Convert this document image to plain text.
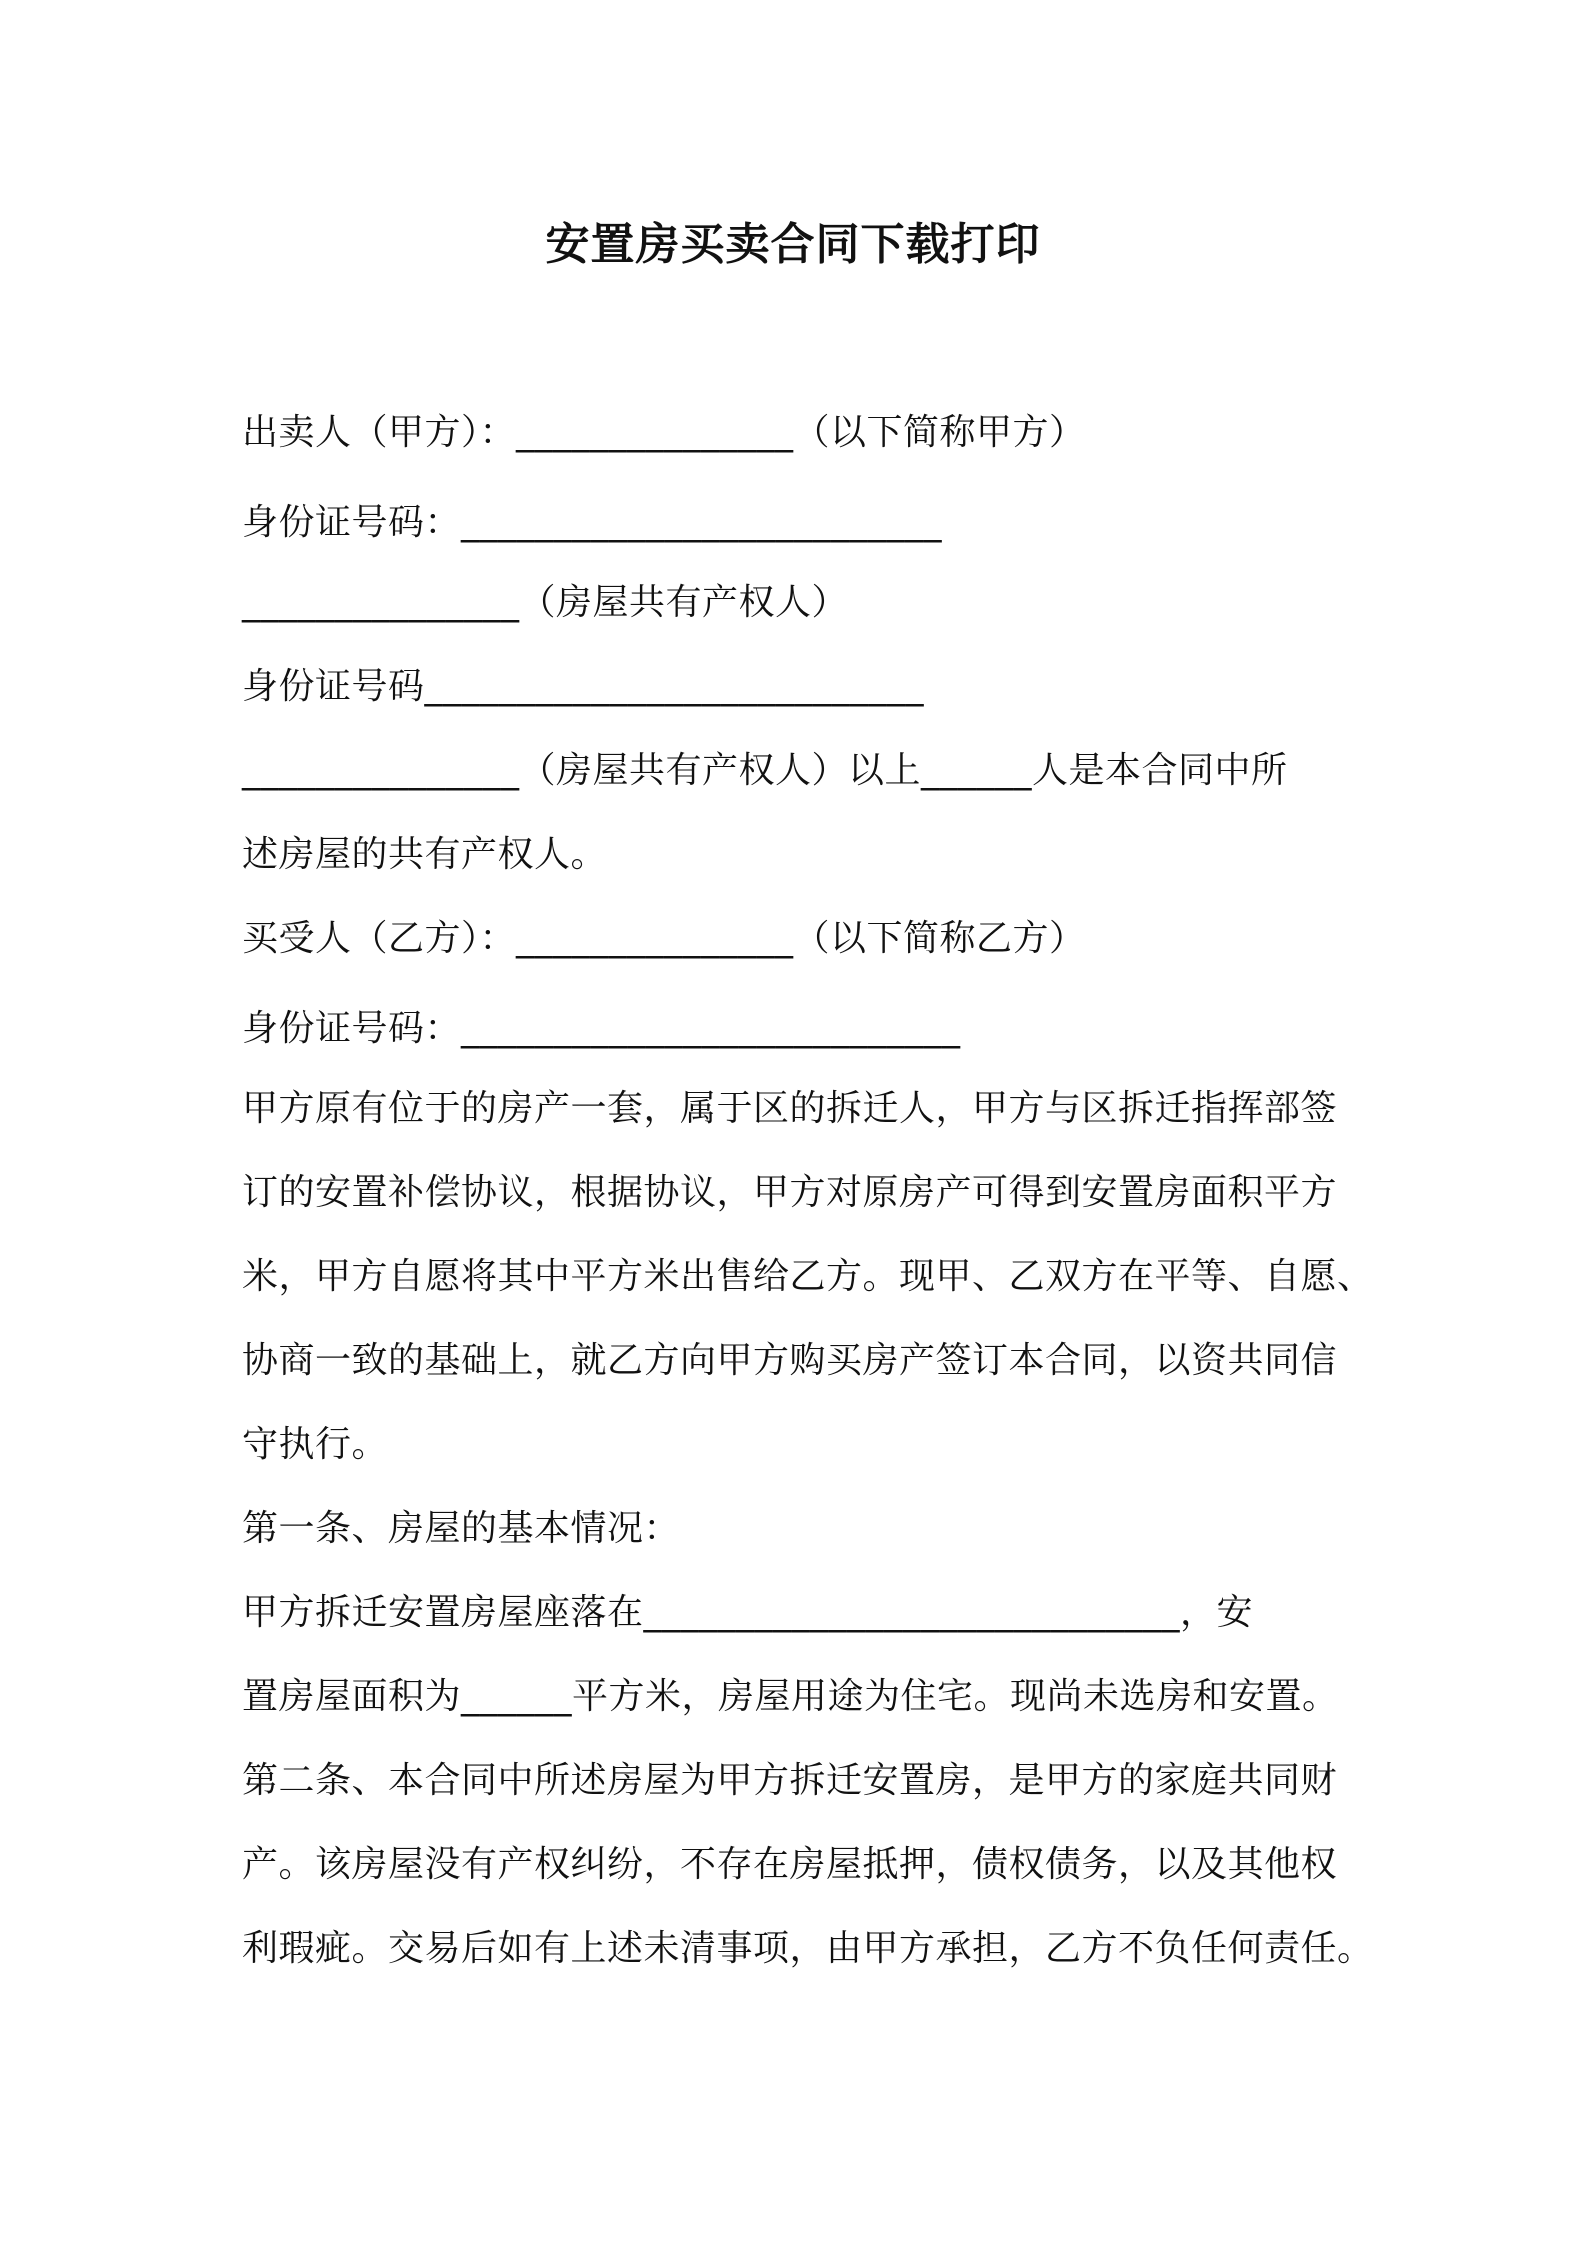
安置房买卖合同下载打印
出卖人（甲方）：_______________（以下简称甲方）
身份证号码：__________________________
_______________（房屋共有产权人）
身份证号码___________________________
_______________（房屋共有产权人）以上______人是本合同中所
述房屋的共有产权人。
买受人（乙方）：_______________（以下简称乙方）
身份证号码：___________________________
甲方原有位于的房产一套，属于区的拆迁人，甲方与区拆迁指挥部签
订的安置补偿协议，根据协议，甲方对原房产可得到安置房面积平方
米，甲方自愿将其中平方米出售给乙方。现甲、乙双方在平等、自愿、
协商一致的基础上，就乙方向甲方购买房产签订本合同，以资共同信
守执行。
第一条、房屋的基本情况：
甲方拆迁安置房屋座落在_____________________________，安
置房屋面积为______平方米，房屋用途为住宅。现尚未选房和安置。
第二条、本合同中所述房屋为甲方拆迁安置房，是甲方的家庭共同财
产。该房屋没有产权纠纷，不存在房屋抵押，债权债务，以及其他权
利瑕疵。交易后如有上述未清事项，由甲方承担，乙方不负任何责任。
